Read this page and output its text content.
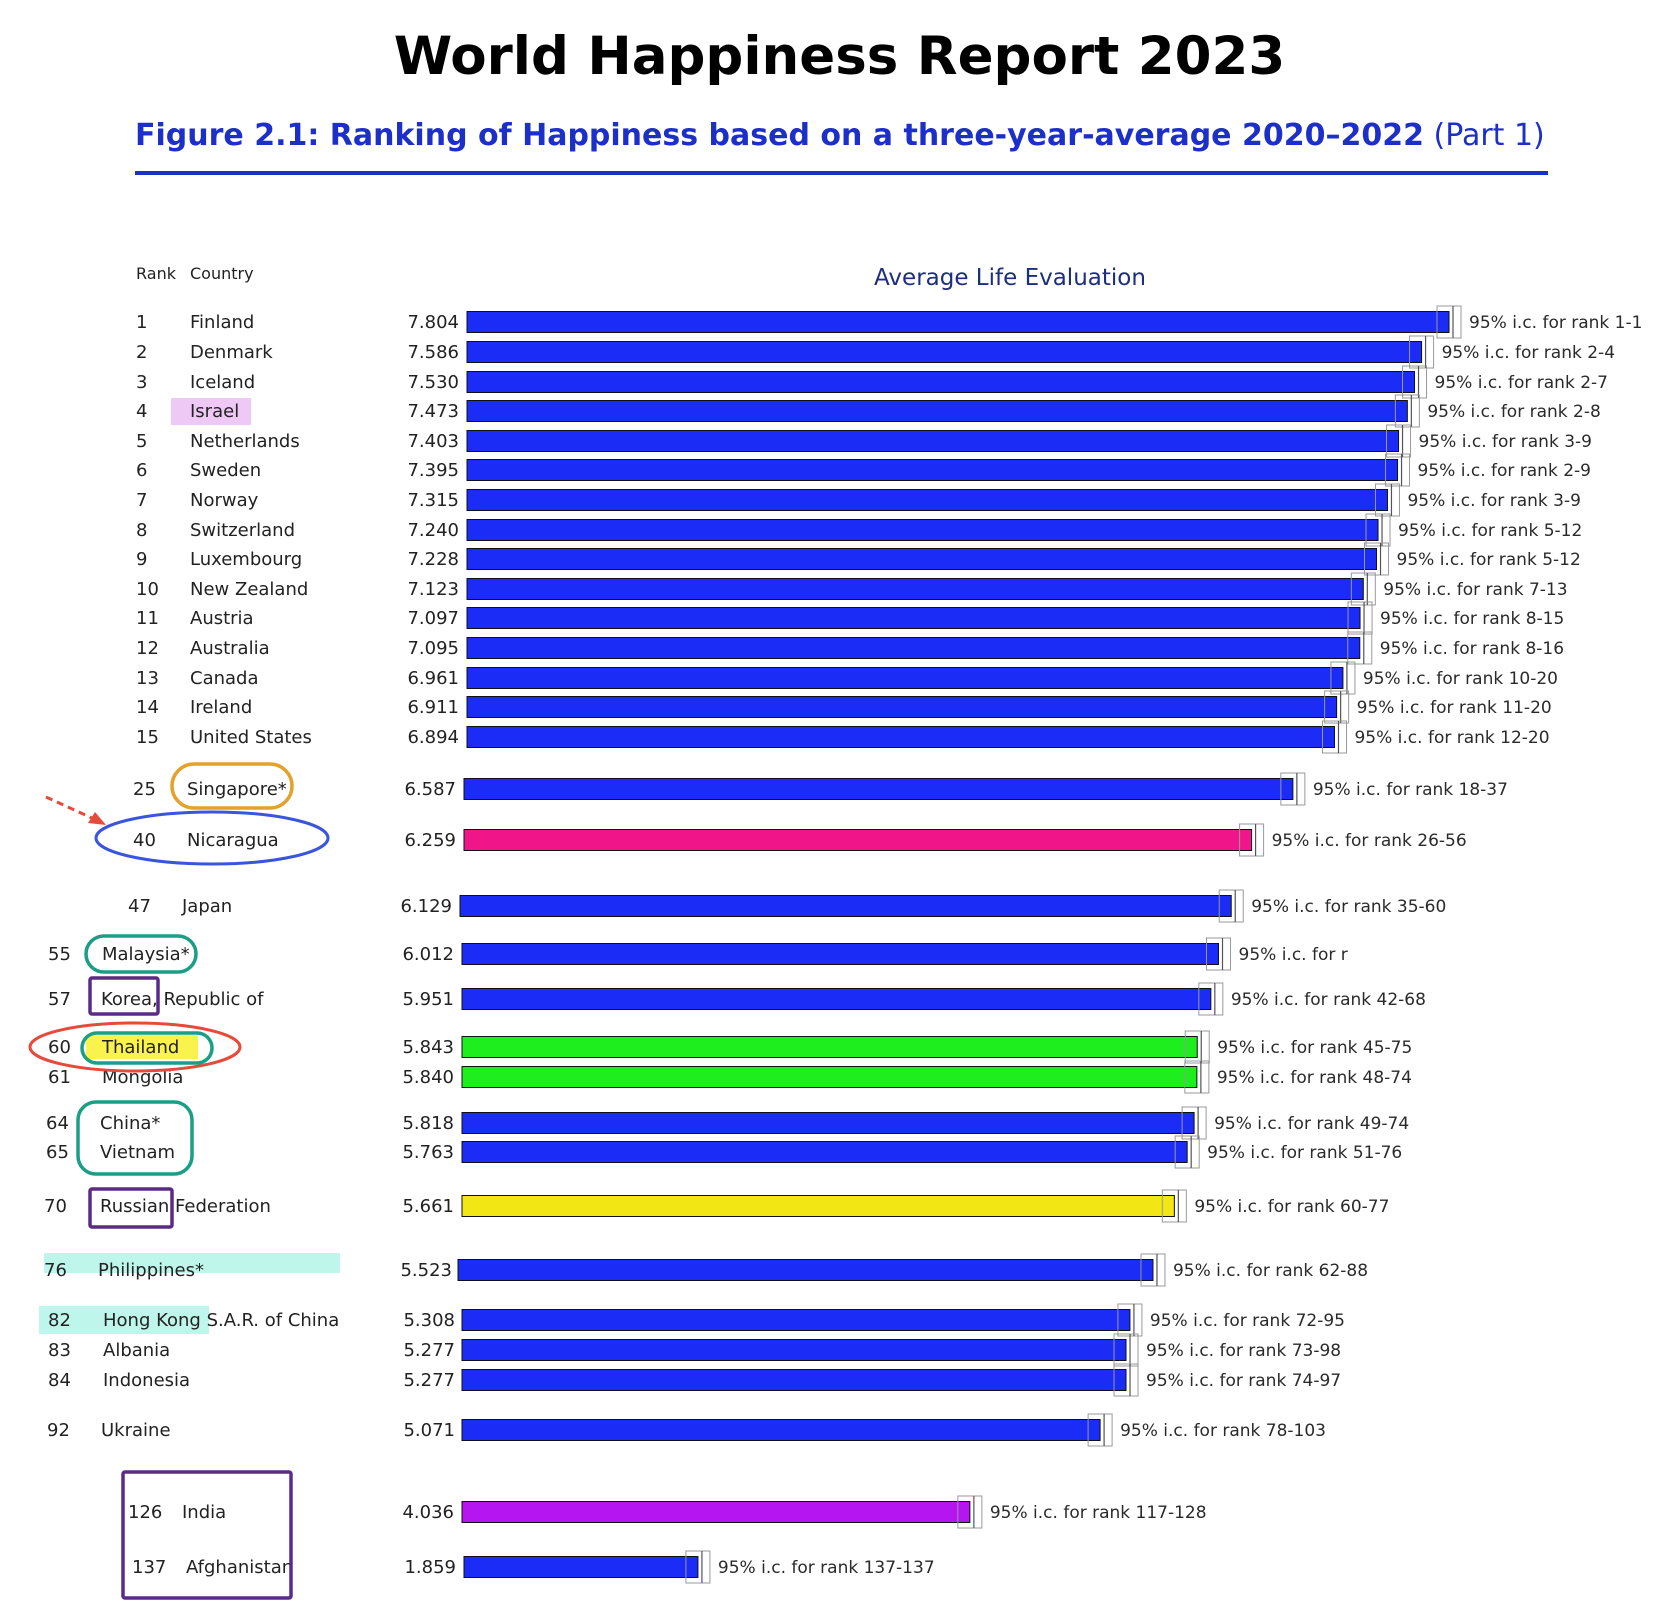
World Happiness Report 2023
Figure 2.1: Ranking of Happiness based on a three-year-average 2020–2022 (Part 1)
Rank Country	Average Life Evaluation
1 Finland	7.804	95% i.c. for rank 1-1
2 Denmark	7.586	95% i.c. for rank 2-4
3 Iceland	7.530	95% i.c. for rank 2-7
4 Israel	7.473	95% i.c. for rank 2-8
5 Netherlands	7.403	95% i.c. for rank 3-9
6 Sweden	7.395	95% i.c. for rank 2-9
7 Norway	7.315	95% i.c. for rank 3-9
8 Switzerland	7.240	95% i.c. for rank 5-12
9 Luxembourg	7.228	95% i.c. for rank 5-12
10 New Zealand	7.123	95% i.c. for rank 7-13
11 Austria	7.097	95% i.c. for rank 8-15
12 Australia	7.095	95% i.c. for rank 8-16
13 Canada	6.961	95% i.c. for rank 10-20
14 Ireland	6.911	95% i.c. for rank 11-20
15 United States	6.894	95% i.c. for rank 12-20
25 Singapore*	6.587	95% i.c. for rank 18-37
40 Nicaragua	6.259	95% i.c. for rank 26-56
47 Japan	6.129	95% i.c. for rank 35-60
55 Malaysia*	6.012	95% i.c. for r
57 Korea, Republic of	5.951	95% i.c. for rank 42-68
60 Thailand	5.843	95% i.c. for rank 45-75
61 Mongolia	5.840	95% i.c. for rank 48-74
64 China*	5.818	95% i.c. for rank 49-74
65 Vietnam	5.763	95% i.c. for rank 51-76
70 Russian Federation	5.661	95% i.c. for rank 60-77
76 Philippines*	5.523	95% i.c. for rank 62-88
82 Hong Kong S.A.R. of China	5.308	95% i.c. for rank 72-95
83 Albania	5.277	95% i.c. for rank 73-98
84 Indonesia	5.277	95% i.c. for rank 74-97
92 Ukraine	5.071	95% i.c. for rank 78-103
126 India	4.036	95% i.c. for rank 117-128
137 Afghanistan	1.859	95% i.c. for rank 137-137
